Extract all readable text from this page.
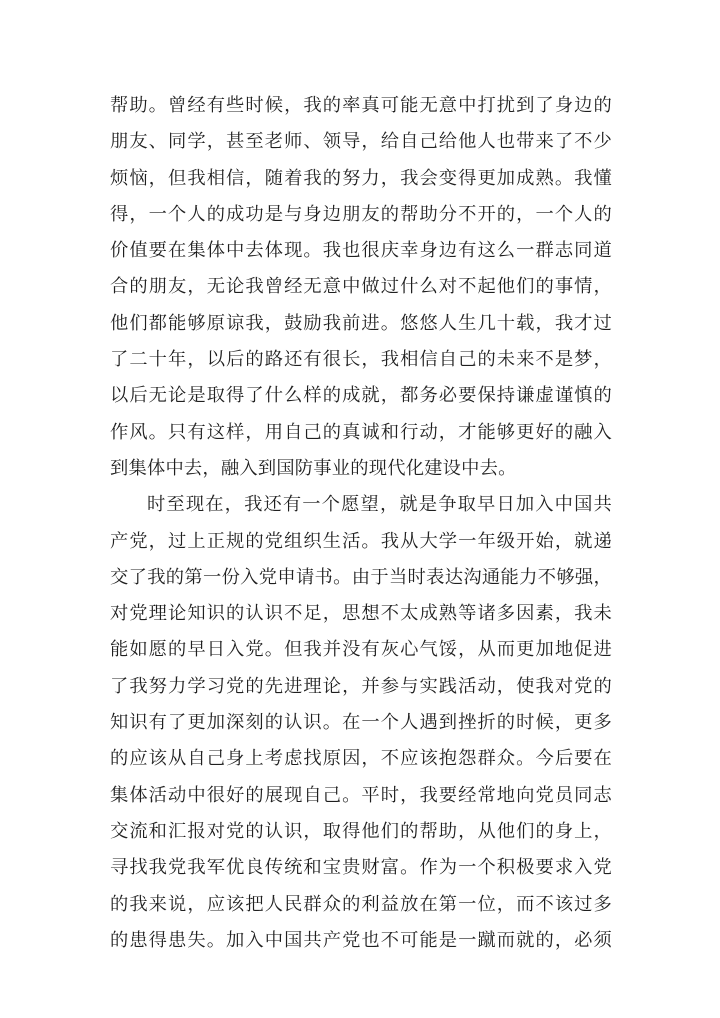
帮助。曾经有些时候，我的率真可能无意中打扰到了身边的
朋友、同学，甚至老师、领导，给自己给他人也带来了不少
烦恼，但我相信，随着我的努力，我会变得更加成熟。我懂
得，一个人的成功是与身边朋友的帮助分不开的，一个人的
价值要在集体中去体现。我也很庆幸身边有这么一群志同道
合的朋友，无论我曾经无意中做过什么对不起他们的事情，
他们都能够原谅我，鼓励我前进。悠悠人生几十载，我才过
了二十年，以后的路还有很长，我相信自己的未来不是梦，
以后无论是取得了什么样的成就，都务必要保持谦虚谨慎的
作风。只有这样，用自己的真诚和行动，才能够更好的融入
到集体中去，融入到国防事业的现代化建设中去。
时至现在，我还有一个愿望，就是争取早日加入中国共
产党，过上正规的党组织生活。我从大学一年级开始，就递
交了我的第一份入党申请书。由于当时表达沟通能力不够强，
对党理论知识的认识不足，思想不太成熟等诸多因素，我未
能如愿的早日入党。但我并没有灰心气馁，从而更加地促进
了我努力学习党的先进理论，并参与实践活动，使我对党的
知识有了更加深刻的认识。在一个人遇到挫折的时候，更多
的应该从自己身上考虑找原因，不应该抱怨群众。今后要在
集体活动中很好的展现自己。平时，我要经常地向党员同志
交流和汇报对党的认识，取得他们的帮助，从他们的身上，
寻找我党我军优良传统和宝贵财富。作为一个积极要求入党
的我来说，应该把人民群众的利益放在第一位，而不该过多
的患得患失。加入中国共产党也不可能是一蹴而就的，必须
